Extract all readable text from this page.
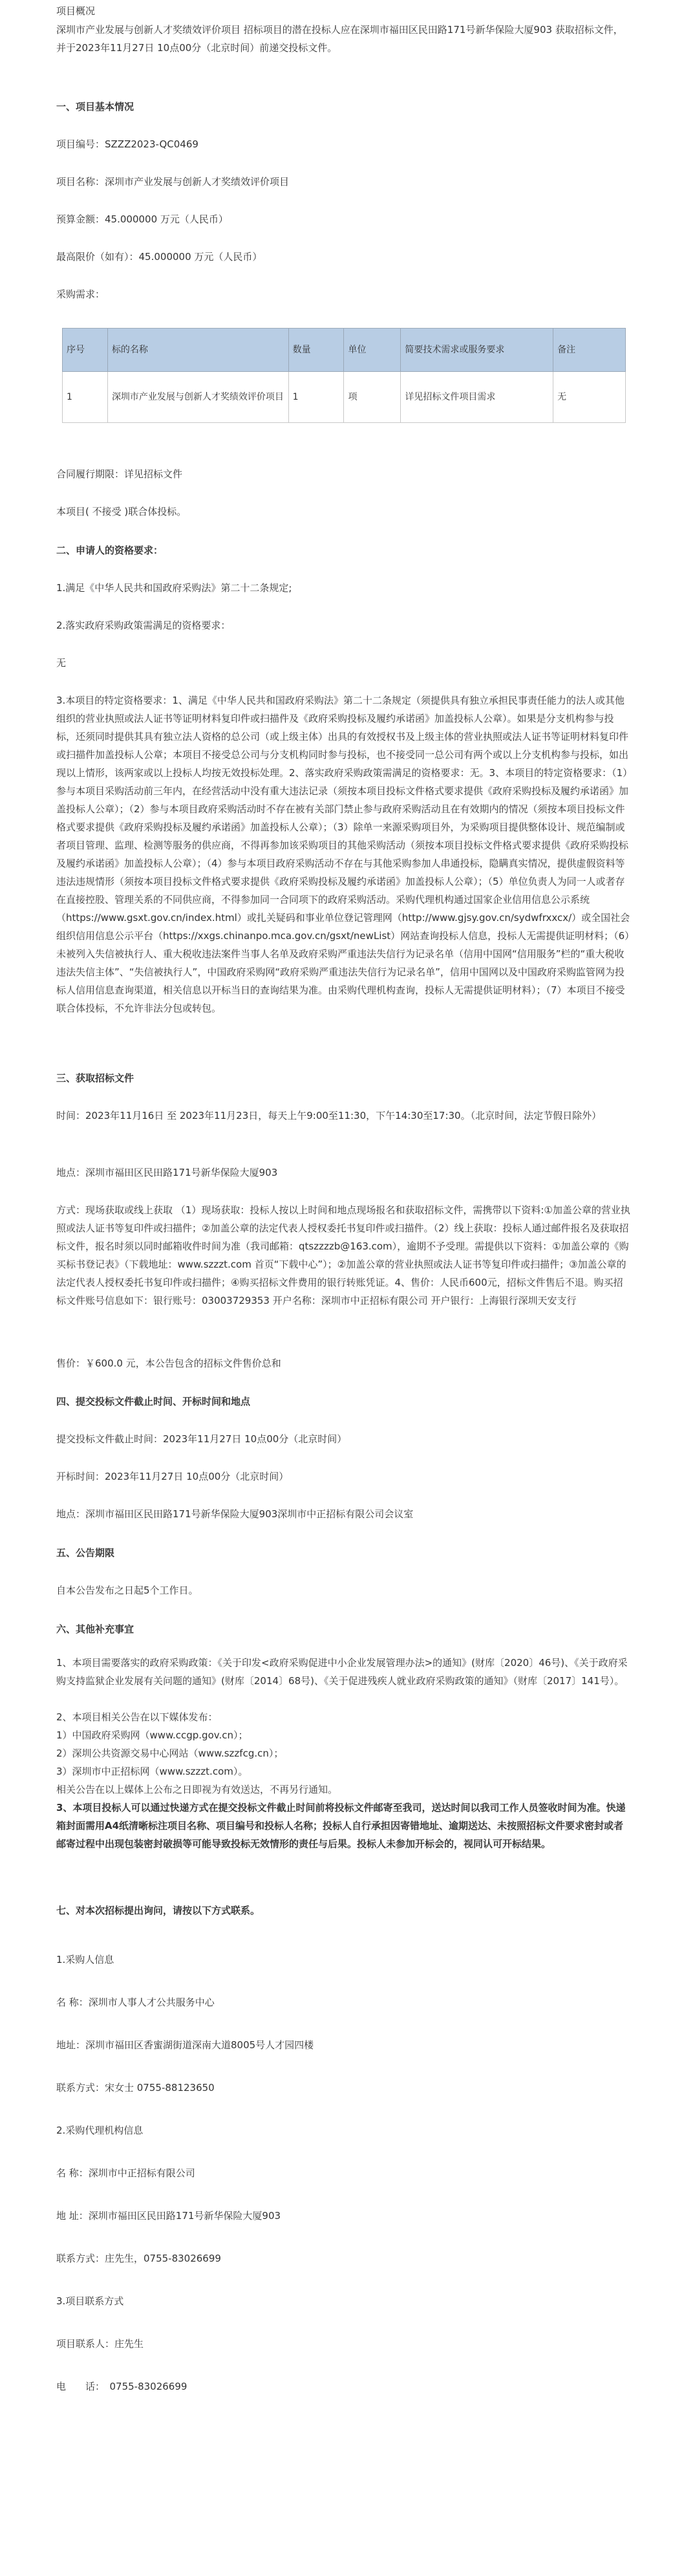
项目概况

深圳市产业发展与创新人才奖绩效评价项目 招标项目的潜在投标人应在深圳市福田区民田路171号新华保险大厦903 获取招标文件，并于2023年11月27日 10点00分（北京时间）前递交投标文件。

一、项目基本情况

项目编号：SZZZ2023-QC0469

项目名称：深圳市产业发展与创新人才奖绩效评价项目

预算金额：45.000000 万元（人民币）

最高限价（如有）：45.000000 万元（人民币）

采购需求：

序号	标的名称	数量	单位	简要技术需求或服务要求	备注
1	深圳市产业发展与创新人才奖绩效评价项目	1	项	详见招标文件项目需求	无

合同履行期限：详见招标文件

本项目( 不接受 )联合体投标。

二、申请人的资格要求：

1.满足《中华人民共和国政府采购法》第二十二条规定;

2.落实政府采购政策需满足的资格要求：

无

3.本项目的特定资格要求：1、满足《中华人民共和国政府采购法》第二十二条规定（须提供具有独立承担民事责任能力的法人或其他组织的营业执照或法人证书等证明材料复印件或扫描件及《政府采购投标及履约承诺函》加盖投标人公章）。如果是分支机构参与投标，还须同时提供其具有独立法人资格的总公司（或上级主体）出具的有效授权书及上级主体的营业执照或法人证书等证明材料复印件或扫描件加盖投标人公章；本项目不接受总公司与分支机构同时参与投标，也不接受同一总公司有两个或以上分支机构参与投标，如出现以上情形，该两家或以上投标人均按无效投标处理。2、落实政府采购政策需满足的资格要求：无。3、本项目的特定资格要求：（1）参与本项目采购活动前三年内，在经营活动中没有重大违法记录（须按本项目投标文件格式要求提供《政府采购投标及履约承诺函》加盖投标人公章）；（2）参与本项目政府采购活动时不存在被有关部门禁止参与政府采购活动且在有效期内的情况（须按本项目投标文件格式要求提供《政府采购投标及履约承诺函》加盖投标人公章）；（3）除单一来源采购项目外，为采购项目提供整体设计、规范编制或者项目管理、监理、检测等服务的供应商，不得再参加该采购项目的其他采购活动（须按本项目投标文件格式要求提供《政府采购投标及履约承诺函》加盖投标人公章）；（4）参与本项目政府采购活动不存在与其他采购参加人串通投标，隐瞒真实情况，提供虚假资料等违法违规情形（须按本项目投标文件格式要求提供《政府采购投标及履约承诺函》加盖投标人公章）；（5）单位负责人为同一人或者存在直接控股、管理关系的不同供应商，不得参加同一合同项下的政府采购活动。采购代理机构通过国家企业信用信息公示系统（https://www.gsxt.gov.cn/index.html）或扎关疑码和事业单位登记管理网（http://www.gjsy.gov.cn/sydwfrxxcx/）或全国社会组织信用信息公示平台（https://xxgs.chinanpo.mca.gov.cn/gsxt/newList）网站查询投标人信息，投标人无需提供证明材料；（6）未被列入失信被执行人、重大税收违法案件当事人名单及政府采购严重违法失信行为记录名单（信用中国网“信用服务”栏的“重大税收违法失信主体”、“失信被执行人”，中国政府采购网“政府采购严重违法失信行为记录名单”，信用中国网以及中国政府采购监管网为投标人信用信息查询渠道，相关信息以开标当日的查询结果为准。由采购代理机构查询，投标人无需提供证明材料）；（7）本项目不接受联合体投标，不允许非法分包或转包。

三、获取招标文件

时间：2023年11月16日 至 2023年11月23日，每天上午9:00至11:30，下午14:30至17:30。（北京时间，法定节假日除外）

地点：深圳市福田区民田路171号新华保险大厦903

方式：现场获取或线上获取 （1）现场获取：投标人按以上时间和地点现场报名和获取招标文件，需携带以下资料:①加盖公章的营业执照或法人证书等复印件或扫描件；②加盖公章的法定代表人授权委托书复印件或扫描件。（2）线上获取：投标人通过邮件报名及获取招标文件，报名时须以同时邮箱收件时间为准（我司邮箱：qtszzzzb@163.com），逾期不予受理。需提供以下资料：①加盖公章的《购买标书登记表》（下载地址：www.szzzt.com 首页“下载中心”）；②加盖公章的营业执照或法人证书等复印件或扫描件；③加盖公章的法定代表人授权委托书复印件或扫描件；④购买招标文件费用的银行转账凭证。4、售价：人民币600元，招标文件售后不退。购买招标文件账号信息如下：银行账号：03003729353 开户名称：深圳市中正招标有限公司 开户银行：上海银行深圳天安支行

售价：￥600.0 元，本公告包含的招标文件售价总和

四、提交投标文件截止时间、开标时间和地点

提交投标文件截止时间：2023年11月27日 10点00分（北京时间）

开标时间：2023年11月27日 10点00分（北京时间）

地点：深圳市福田区民田路171号新华保险大厦903深圳市中正招标有限公司会议室

五、公告期限

自本公告发布之日起5个工作日。

六、其他补充事宜

1、本项目需要落实的政府采购政策：《关于印发<政府采购促进中小企业发展管理办法>的通知》(财库〔2020〕46号)、《关于政府采购支持监狱企业发展有关问题的通知》(财库〔2014〕68号)、《关于促进残疾人就业政府采购政策的通知》（财库〔2017〕141号）。

2、本项目相关公告在以下媒体发布：

1）中国政府采购网（www.ccgp.gov.cn）；

2）深圳公共资源交易中心网站（www.szzfcg.cn）；

3）深圳市中正招标网（www.szzzt.com）。

相关公告在以上媒体上公布之日即视为有效送达，不再另行通知。

3、本项目投标人可以通过快递方式在提交投标文件截止时间前将投标文件邮寄至我司，送达时间以我司工作人员签收时间为准。快递箱封面需用A4纸清晰标注项目名称、项目编号和投标人名称；投标人自行承担因寄错地址、逾期送达、未按照招标文件要求密封或者邮寄过程中出现包装密封破损等可能导致投标无效情形的责任与后果。投标人未参加开标会的，视同认可开标结果。

七、对本次招标提出询问，请按以下方式联系。

1.采购人信息

名 称：深圳市人事人才公共服务中心

地址：深圳市福田区香蜜湖街道深南大道8005号人才园四楼

联系方式：宋女士 0755-88123650

2.采购代理机构信息

名 称：深圳市中正招标有限公司

地 址：深圳市福田区民田路171号新华保险大厦903

联系方式：庄先生，0755-83026699

3.项目联系方式

项目联系人：庄先生

电　　话：　0755-83026699
